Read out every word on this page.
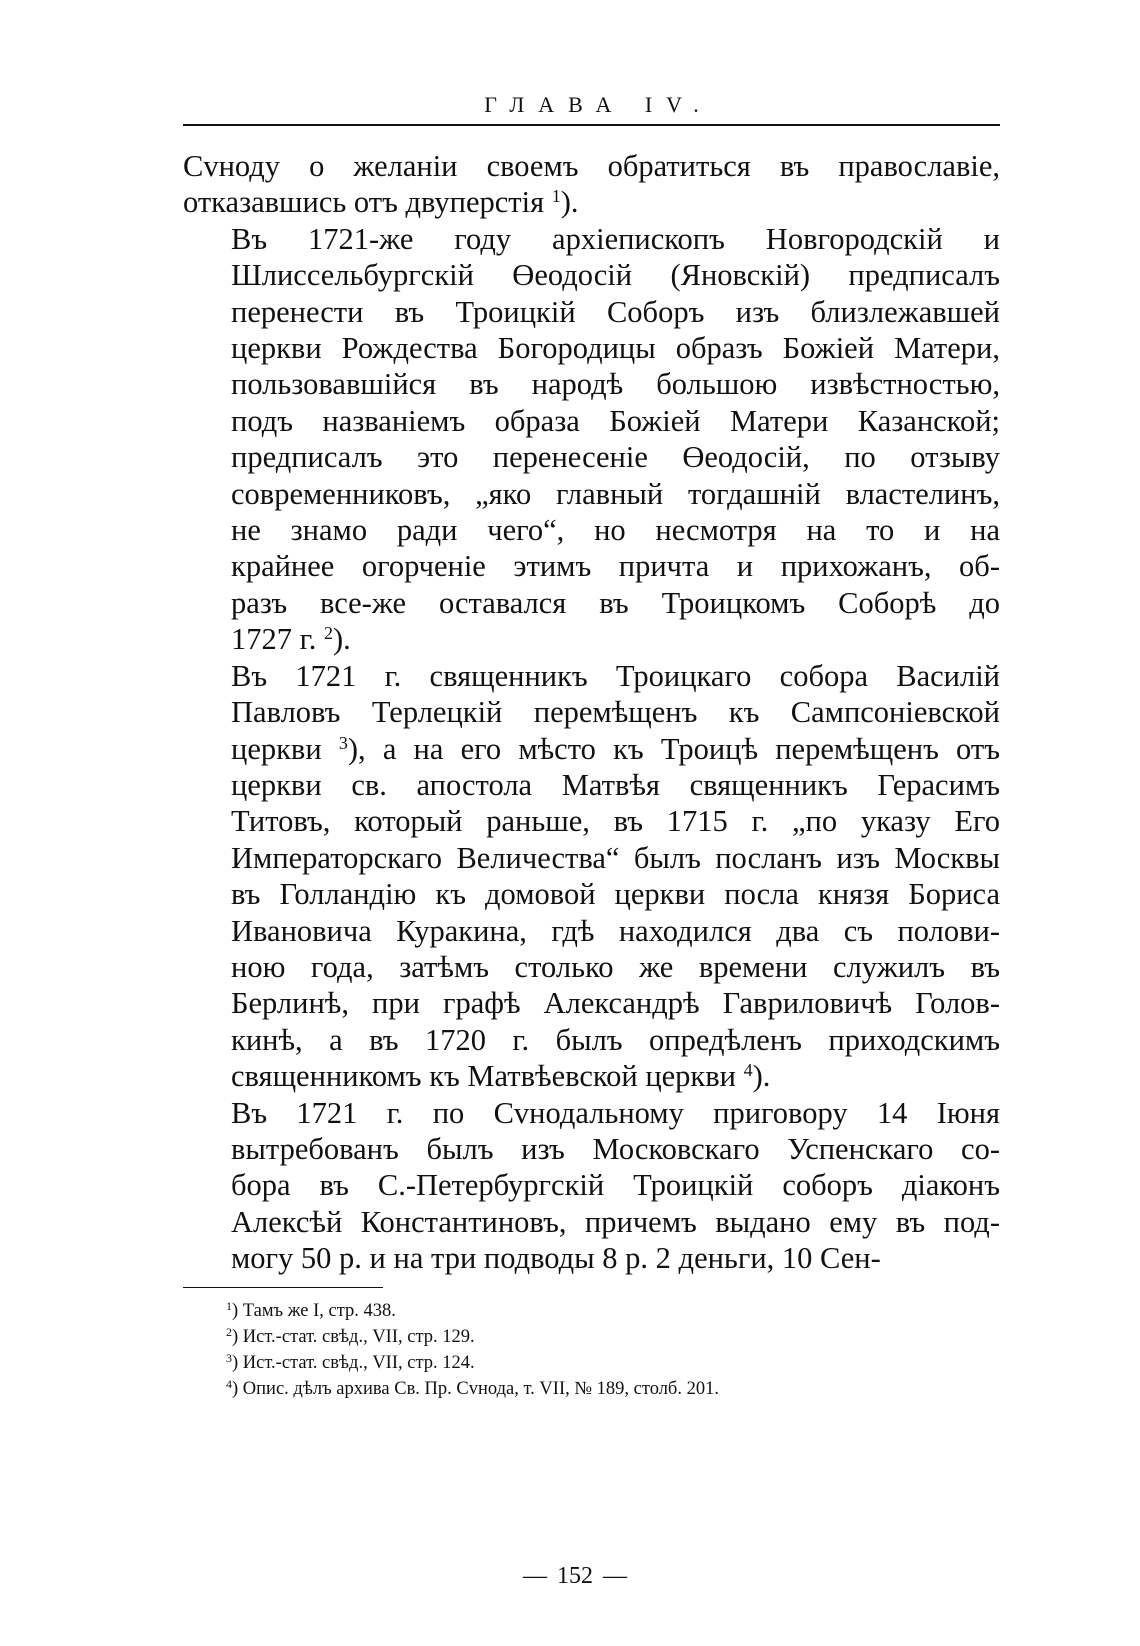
ГЛАВА IV.
Сvноду о желанiи своемъ обратиться въ православie,
отказавшись отъ двуперстiя $^1$).
Въ 1721-же году архiепископъ Новгородскiй и
Шлиссельбургскiй Өеодосiй (Яновскiй) предписалъ
перенести въ Троицкiй Соборъ изъ близлежавшей
церкви Рождества Богородицы образъ Божiей Матери,
пользовавшiйся въ народѣ большою извѣстностью,
подъ названiемъ образа Божiей Матери Казанской;
предписалъ это перенесенiе Өеодосiй, по отзыву
современниковъ, „яко главный тогдашнiй властелинъ,
не знамо ради чего“, но несмотря на то и на
крайнее огорченiе этимъ причта и прихожанъ, об-
разъ все-же оставался въ Троицкомъ Соборѣ до
1727 г. $^2$).
Въ 1721 г. священникъ Троицкаго собора Василiй
Павловъ Терлецкiй перемѣщенъ къ Сампсонiевской
церкви $^3$), а на его мѣсто къ Троицѣ перемѣщенъ отъ
церкви св. апостола Матвѣя священникъ Герасимъ
Титовъ, который раньше, въ 1715 г. „по указу Его
Императорскаго Величества“ былъ посланъ изъ Москвы
въ Голландiю къ домовой церкви посла князя Бориса
Ивановича Куракина, гдѣ находился два съ полови-
ною года, затѣмъ столько же времени служилъ въ
Берлинѣ, при графѣ Александрѣ Гавриловичѣ Голов-
кинѣ, а въ 1720 г. былъ опредѣленъ приходскимъ
священникомъ къ Матвѣевской церкви $^4$).
Въ 1721 г. по Сvнодальному приговору 14 Iюня
вытребованъ былъ изъ Московскаго Успенскаго со-
бора въ С.-Петербургскiй Троицкiй соборъ дiаконъ
Алексѣй Константиновъ, причемъ выдано ему въ под-
могу 50 р. и на три подводы 8 р. 2 деньги, 10 Сен-
$^1$) Тамъ же I, стр. 438.
$^2$) Ист.-стат. свѣд., VII, стр. 129.
$^3$) Ист.-стат. свѣд., VII, стр. 124.
$^4$) Опис. дѣлъ архива Св. Пр. Сvнода, т. VII, № 189, столб. 201.
— 152 —
